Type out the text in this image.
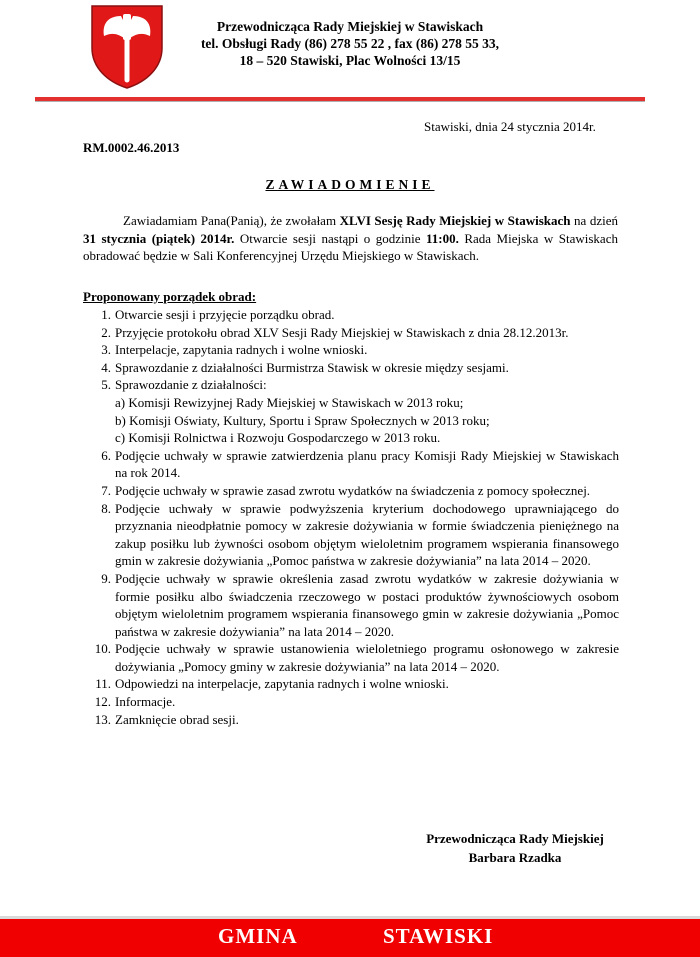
Przewodnicząca Rady Miejskiej w Stawiskach
tel. Obsługi Rady (86) 278 55 22 , fax (86) 278 55 33,
18 – 520 Stawiski, Plac Wolności 13/15
Stawiski, dnia 24 stycznia 2014r.
RM.0002.46.2013
ZAWIADOMIENIE

Zawiadamiam Pana(Panią), że zwołałam XLVI Sesję Rady Miejskiej w Stawiskach na dzień 31 stycznia (piątek) 2014r. Otwarcie sesji nastąpi o godzinie 11:00. Rada Miejska w Stawiskach obradować będzie w Sali Konferencyjnej Urzędu Miejskiego w Stawiskach.

Proponowany porządek obrad:
1. Otwarcie sesji i przyjęcie porządku obrad.
2. Przyjęcie protokołu obrad XLV Sesji Rady Miejskiej w Stawiskach z dnia 28.12.2013r.
3. Interpelacje, zapytania radnych i wolne wnioski.
4. Sprawozdanie z działalności Burmistrza Stawisk w okresie między sesjami.
5. Sprawozdanie z działalności:
a) Komisji Rewizyjnej Rady Miejskiej w Stawiskach w 2013 roku;
b) Komisji Oświaty, Kultury, Sportu i Spraw Społecznych w 2013 roku;
c) Komisji Rolnictwa i Rozwoju Gospodarczego w 2013 roku.
6. Podjęcie uchwały w sprawie zatwierdzenia planu pracy Komisji Rady Miejskiej w Stawiskach na rok 2014.
7. Podjęcie uchwały w sprawie zasad zwrotu wydatków na świadczenia z pomocy społecznej.
8. Podjęcie uchwały w sprawie podwyższenia kryterium dochodowego uprawniającego do przyznania nieodpłatnie pomocy w zakresie dożywiania w formie świadczenia pieniężnego na zakup posiłku lub żywności osobom objętym wieloletnim programem wspierania finansowego gmin w zakresie dożywiania „Pomoc państwa w zakresie dożywiania” na lata 2014 – 2020.
9. Podjęcie uchwały w sprawie określenia zasad zwrotu wydatków w zakresie dożywiania w formie posiłku albo świadczenia rzeczowego w postaci produktów żywnościowych osobom objętym wieloletnim programem wspierania finansowego gmin w zakresie dożywiania „Pomoc państwa w zakresie dożywiania” na lata 2014 – 2020.
10. Podjęcie uchwały w sprawie ustanowienia wieloletniego programu osłonowego w zakresie dożywiania „Pomocy gminy w zakresie dożywiania” na lata 2014 – 2020.
11. Odpowiedzi na interpelacje, zapytania radnych i wolne wnioski.
12. Informacje.
13. Zamknięcie obrad sesji.
Przewodnicząca Rady Miejskiej
Barbara Rzadka
GMINA	STAWISKI
